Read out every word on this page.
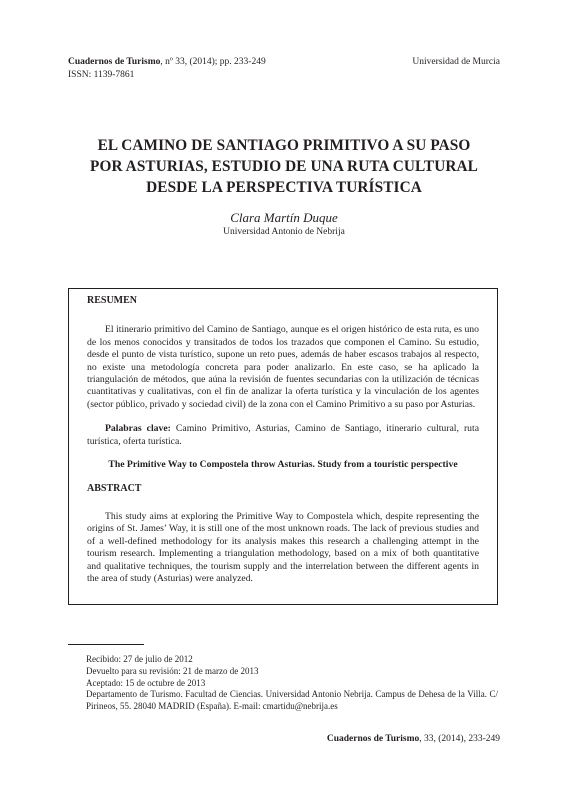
Cuadernos de Turismo, nº 33, (2014); pp. 233-249
ISSN: 1139-7861
Universidad de Murcia
EL CAMINO DE SANTIAGO PRIMITIVO A SU PASO
POR ASTURIAS, ESTUDIO DE UNA RUTA CULTURAL
DESDE LA PERSPECTIVA TURÍSTICA
Clara Martín Duque
Universidad Antonio de Nebrija

RESUMEN

El itinerario primitivo del Camino de Santiago, aunque es el origen histórico de esta ruta, es uno de los menos conocidos y transitados de todos los trazados que componen el Camino. Su estudio, desde el punto de vista turístico, supone un reto pues, además de haber escasos trabajos al respecto, no existe una metodología concreta para poder analizarlo. En este caso, se ha aplicado la triangulación de métodos, que aúna la revisión de fuentes secundarias con la utilización de técnicas cuantitativas y cualitativas, con el fin de analizar la oferta turística y la vinculación de los agentes (sector público, privado y sociedad civil) de la zona con el Camino Primitivo a su paso por Asturias.

Palabras clave: Camino Primitivo, Asturias, Camino de Santiago, itinerario cultural, ruta turística, oferta turística.

The Primitive Way to Compostela throw Asturias. Study from a touristic perspective

ABSTRACT

This study aims at exploring the Primitive Way to Compostela which, despite representing the origins of St. James’ Way, it is still one of the most unknown roads. The lack of previous studies and of a well-defined methodology for its analysis makes this research a challenging attempt in the tourism research. Implementing a triangulation methodology, based on a mix of both quantitative and qualitative techniques, the tourism supply and the interrelation between the different agents in the area of study (Asturias) were analyzed.

Recibido: 27 de julio de 2012

Devuelto para su revisión: 21 de marzo de 2013

Aceptado: 15 de octubre de 2013

Departamento de Turismo. Facultad de Ciencias. Universidad Antonio Nebrija. Campus de Dehesa de la Villa. C/ Pirineos, 55. 28040 MADRID (España). E-mail: cmartidu@nebrija.es

Cuadernos de Turismo, 33, (2014), 233-249
